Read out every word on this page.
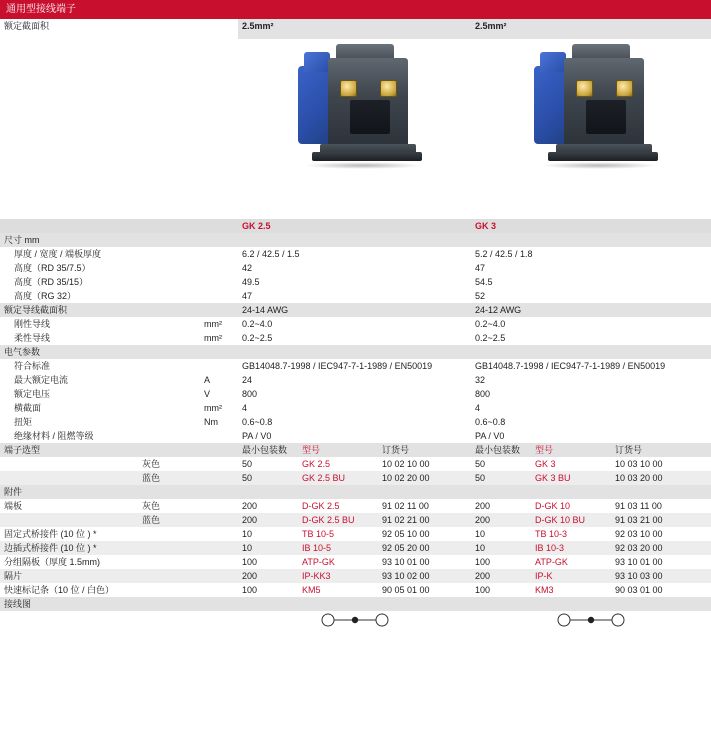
通用型接线端子
额定截面积		2.5mm²	2.5mm²

		GK 2.5	GK 3
尺寸 mm			
厚度 / 宽度 / 端板厚度		6.2 / 42.5 / 1.5	5.2 / 42.5 / 1.8
高度（RD 35/7.5）		42	47
高度（RD 35/15）		49.5	54.5
高度（RG 32）		47	52
额定导线截面积		24-14 AWG	24-12 AWG
刚性导线	mm²	0.2~4.0	0.2~4.0
柔性导线	mm²	0.2~2.5	0.2~2.5
电气参数			
符合标准		GB14048.7-1998 / IEC947-7-1-1989 / EN50019	GB14048.7-1998 / IEC947-7-1-1989 / EN50019
最大额定电流	A	24	32
额定电压	V	800	800
横截面	mm²	4	4
扭矩	Nm	0.6~0.8	0.6~0.8
绝缘材料 / 阻燃等级		PA / V0	PA / V0
端子选型		最小包装数	型号	订货号	最小包装数	型号	订货号
	灰色	50	GK 2.5	10 02 10 00	50	GK 3	10 03 10 00
	蓝色	50	GK 2.5 BU	10 02 20 00	50	GK 3 BU	10 03 20 00
附件							
端板	灰色	200	D-GK 2.5	91 02 11 00	200	D-GK 10	91 03 11 00
	蓝色	200	D-GK 2.5 BU	91 02 21 00	200	D-GK 10 BU	91 03 21 00
固定式桥接件 (10 位 ) *		10	TB 10-5	92 05 10 00	10	TB 10-3	92 03 10 00
边插式桥接件 (10 位 ) *		10	IB 10-5	92 05 20 00	10	IB 10-3	92 03 20 00
分组隔板（厚度 1.5mm)		100	ATP-GK	93 10 01 00	100	ATP-GK	93 10 01 00
隔片		200	IP-KK3	93 10 02 00	200	IP-K	93 10 03 00
快速标记条（10 位 / 白色）		100	KM5	90 05 01 00	100	KM3	90 03 01 00
接线图
